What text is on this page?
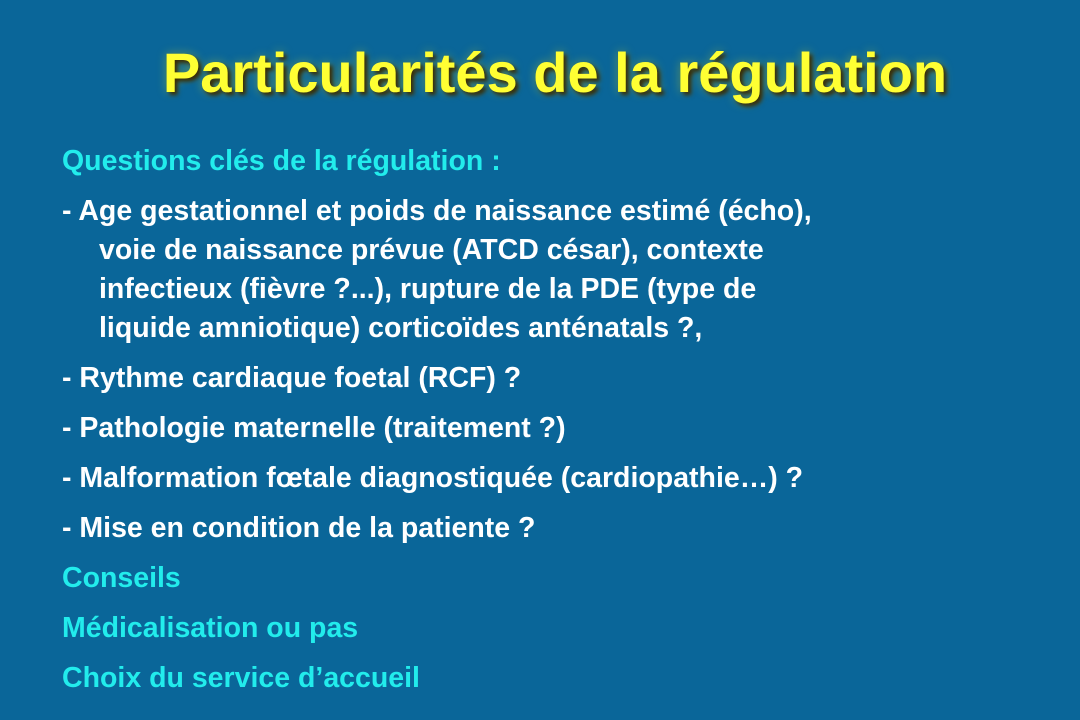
Particularités de la régulation

Questions clés de la régulation :

- Age gestationnel et poids de naissance estimé (écho),
voie de naissance prévue (ATCD césar), contexte
infectieux (fièvre ?...), rupture de la PDE (type de
liquide amniotique) corticoïdes anténatals ?,

- Rythme cardiaque foetal (RCF) ?

- Pathologie maternelle (traitement ?)

- Malformation fœtale diagnostiquée (cardiopathie…) ?

- Mise en condition de la patiente ?

Conseils

Médicalisation ou pas

Choix du service d’accueil
